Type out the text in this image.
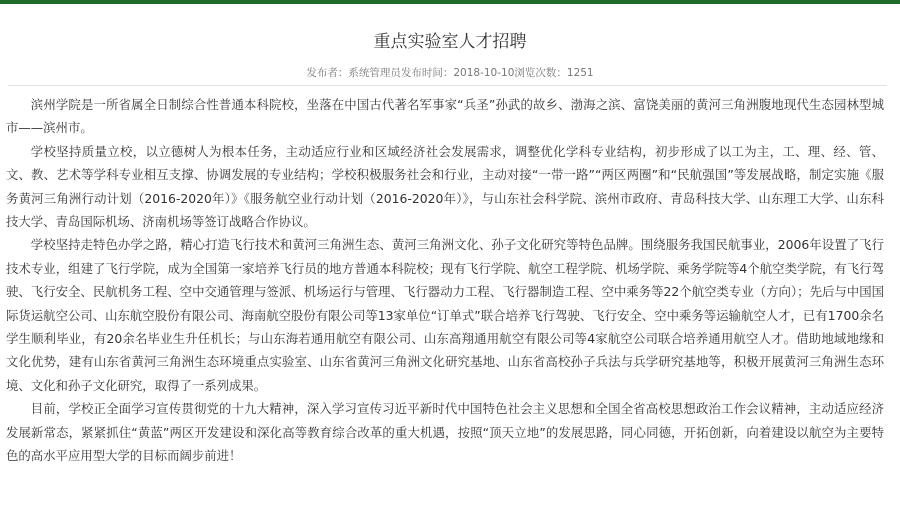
重点实验室人才招聘
发布者：系统管理员发布时间：2018-10-10浏览次数：1251

滨州学院是一所省属全日制综合性普通本科院校，坐落在中国古代著名军事家“兵圣”孙武的故乡、渤海之滨、富饶美丽的黄河三角洲腹地现代生态园林型城市——滨州市。

学校坚持质量立校，以立德树人为根本任务，主动适应行业和区域经济社会发展需求，调整优化学科专业结构，初步形成了以工为主，工、理、经、管、文、教、艺术等学科专业相互支撑、协调发展的专业结构；学校积极服务社会和行业，主动对接“一带一路”“两区两圈”和“民航强国”等发展战略，制定实施《服务黄河三角洲行动计划（2016-2020年）》《服务航空业行动计划（2016-2020年）》，与山东社会科学院、滨州市政府、青岛科技大学、山东理工大学、山东科技大学、青岛国际机场、济南机场等签订战略合作协议。

学校坚持走特色办学之路，精心打造飞行技术和黄河三角洲生态、黄河三角洲文化、孙子文化研究等特色品牌。围绕服务我国民航事业，2006年设置了飞行技术专业，组建了飞行学院，成为全国第一家培养飞行员的地方普通本科院校；现有飞行学院、航空工程学院、机场学院、乘务学院等4个航空类学院，有飞行驾驶、飞行安全、民航机务工程、空中交通管理与签派、机场运行与管理、飞行器动力工程、飞行器制造工程、空中乘务等22个航空类专业（方向）；先后与中国国际货运航空公司、山东航空股份有限公司、海南航空股份有限公司等13家单位“订单式”联合培养飞行驾驶、飞行安全、空中乘务等运输航空人才，已有1700余名学生顺利毕业，有20余名毕业生升任机长；与山东海若通用航空有限公司、山东高翔通用航空有限公司等4家航空公司联合培养通用航空人才。借助地域地缘和文化优势，建有山东省黄河三角洲生态环境重点实验室、山东省黄河三角洲文化研究基地、山东省高校孙子兵法与兵学研究基地等，积极开展黄河三角洲生态环境、文化和孙子文化研究，取得了一系列成果。

目前，学校正全面学习宣传贯彻党的十九大精神，深入学习宣传习近平新时代中国特色社会主义思想和全国全省高校思想政治工作会议精神，主动适应经济发展新常态，紧紧抓住“黄蓝”两区开发建设和深化高等教育综合改革的重大机遇，按照“顶天立地”的发展思路，同心同德，开拓创新，向着建设以航空为主要特色的高水平应用型大学的目标而阔步前进！
